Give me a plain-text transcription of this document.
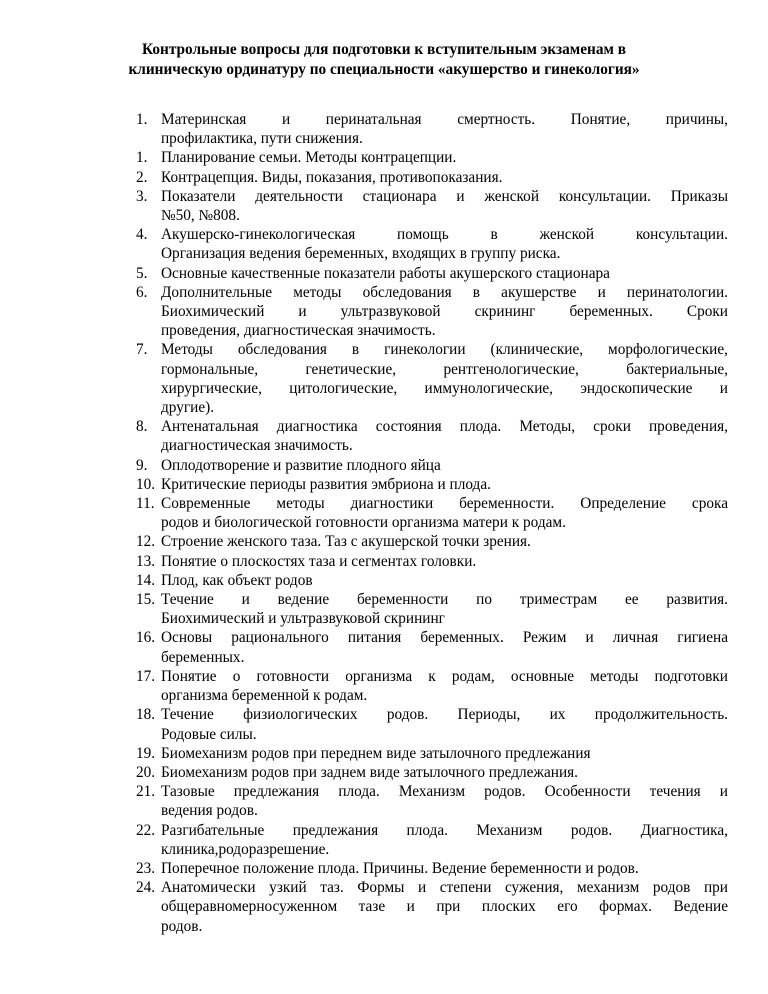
Контрольные вопросы для подготовки к вступительным экзаменам в
клиническую ординатуру по специальности «акушерство и гинекология»
1. Материнская и перинатальная смертность. Понятие, причины,
профилактика, пути снижения.
1. Планирование семьи. Методы контрацепции.
2. Контрацепция. Виды, показания, противопоказания.
3. Показатели деятельности стационара и женской консультации. Приказы
№50, №808.
4. Акушерско-гинекологическая помощь в женской консультации.
Организация ведения беременных, входящих в группу риска.
5. Основные качественные показатели работы акушерского стационара
6. Дополнительные методы обследования в акушерстве и перинатологии.
Биохимический и ультразвуковой скрининг беременных. Сроки
проведения, диагностическая значимость.
7. Методы обследования в гинекологии (клинические, морфологические,
гормональные, генетические, рентгенологические, бактериальные,
хирургические, цитологические, иммунологические, эндоскопические и
другие).
8. Антенатальная диагностика состояния плода. Методы, сроки проведения,
диагностическая значимость.
9. Оплодотворение и развитие плодного яйца
10. Критические периоды развития эмбриона и плода.
11. Современные методы диагностики беременности. Определение срока
родов и биологической готовности организма матери к родам.
12. Строение женского таза. Таз с акушерской точки зрения.
13. Понятие о плоскостях таза и сегментах головки.
14. Плод, как объект родов
15. Течение и ведение беременности по триместрам ее развития.
Биохимический и ультразвуковой скрининг
16. Основы рационального питания беременных. Режим и личная гигиена
беременных.
17. Понятие о готовности организма к родам, основные методы подготовки
организма беременной к родам.
18. Течение физиологических родов. Периоды, их продолжительность.
Родовые силы.
19. Биомеханизм родов при переднем виде затылочного предлежания
20. Биомеханизм родов при заднем виде затылочного предлежания.
21. Тазовые предлежания плода. Механизм родов. Особенности течения и
ведения родов.
22. Разгибательные предлежания плода. Механизм родов. Диагностика,
клиника,родоразрешение.
23. Поперечное положение плода. Причины. Ведение беременности и родов.
24. Анатомически узкий таз. Формы и степени сужения, механизм родов при
общеравномерносуженном тазе и при плоских его формах. Ведение
родов.
